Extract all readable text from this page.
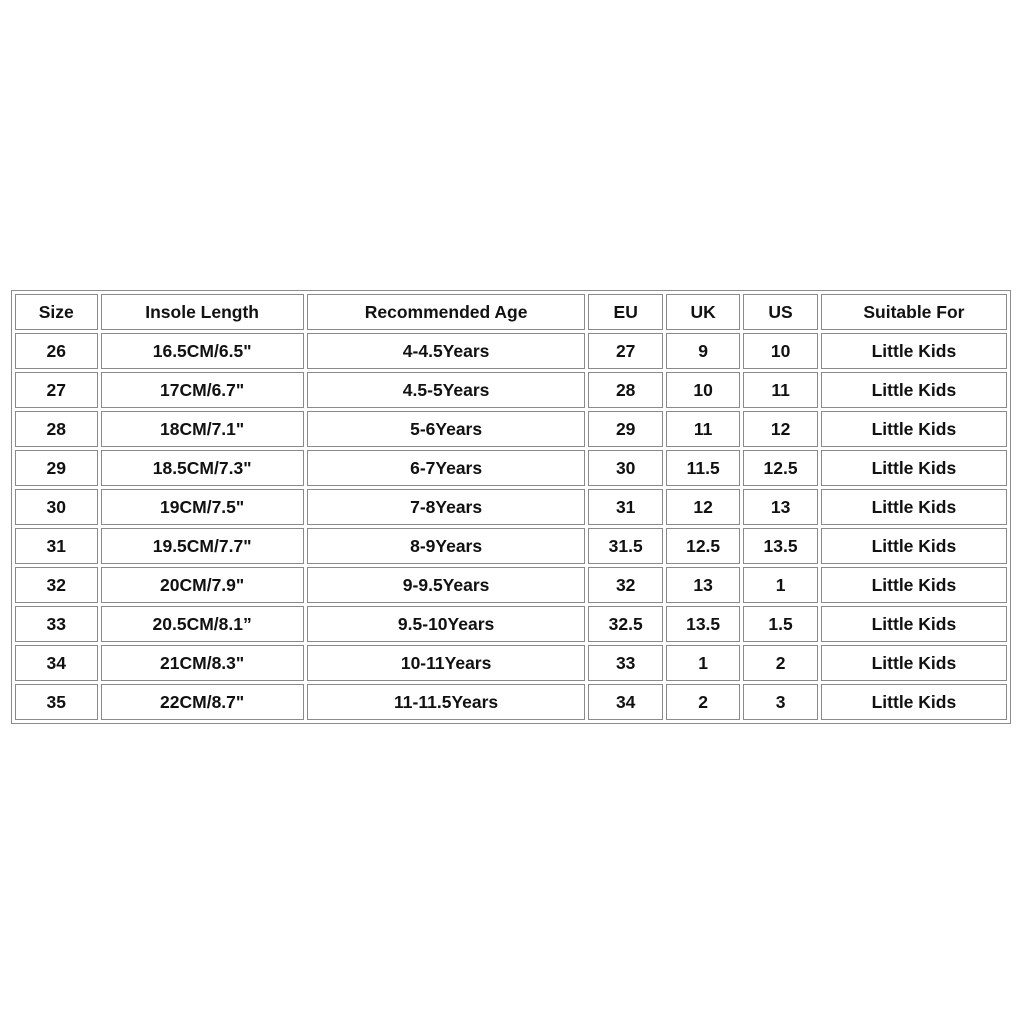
Size	Insole Length	Recommended Age	EU	UK	US	Suitable For
26	16.5CM/6.5"	4-4.5Years	27	9	10	Little Kids
27	17CM/6.7"	4.5-5Years	28	10	11	Little Kids
28	18CM/7.1"	5-6Years	29	11	12	Little Kids
29	18.5CM/7.3"	6-7Years	30	11.5	12.5	Little Kids
30	19CM/7.5"	7-8Years	31	12	13	Little Kids
31	19.5CM/7.7"	8-9Years	31.5	12.5	13.5	Little Kids
32	20CM/7.9"	9-9.5Years	32	13	1	Little Kids
33	20.5CM/8.1”	9.5-10Years	32.5	13.5	1.5	Little Kids
34	21CM/8.3"	10-11Years	33	1	2	Little Kids
35	22CM/8.7"	11-11.5Years	34	2	3	Little Kids
